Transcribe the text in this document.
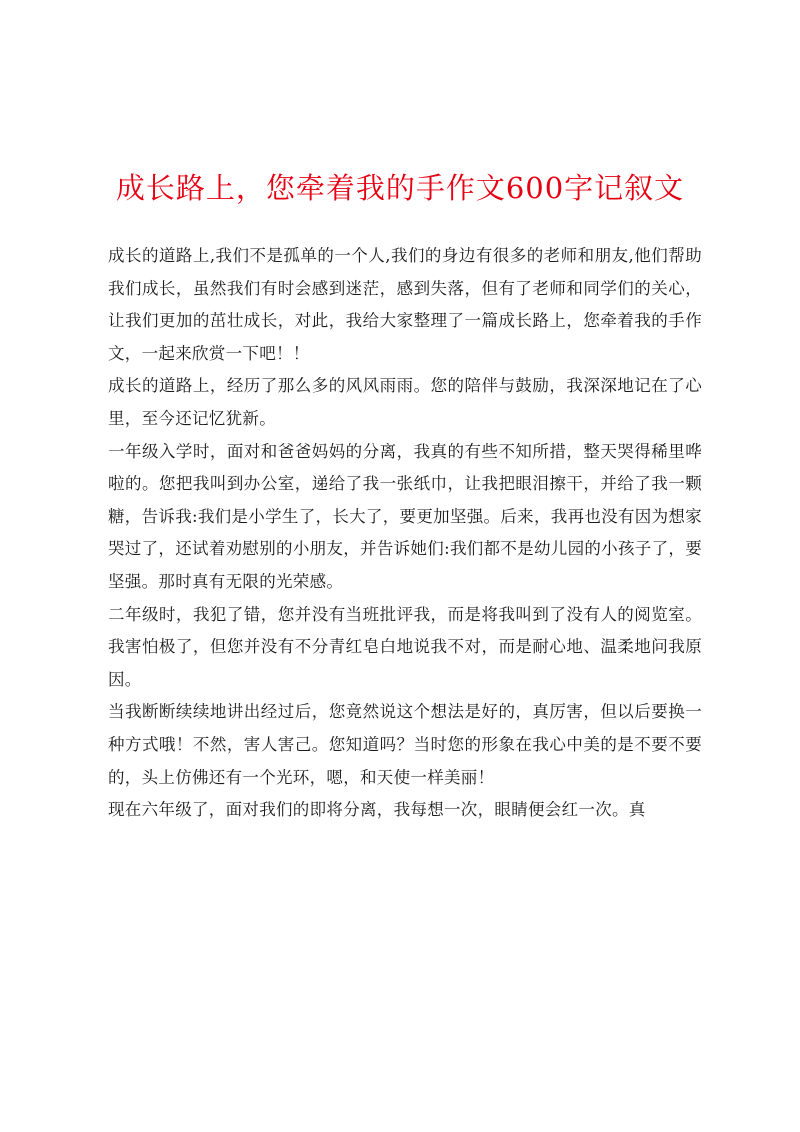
成长路上，您牵着我的手作文600字记叙文

成长的道路上,我们不是孤单的一个人,我们的身边有很多的老师和朋友,他们帮助我们成长，虽然我们有时会感到迷茫，感到失落，但有了老师和同学们的关心，让我们更加的茁壮成长，对此，我给大家整理了一篇成长路上，您牵着我的手作文，一起来欣赏一下吧！！

成长的道路上，经历了那么多的风风雨雨。您的陪伴与鼓励，我深深地记在了心里，至今还记忆犹新。

一年级入学时，面对和爸爸妈妈的分离，我真的有些不知所措，整天哭得稀里哗啦的。您把我叫到办公室，递给了我一张纸巾，让我把眼泪擦干，并给了我一颗糖，告诉我:我们是小学生了，长大了，要更加坚强。后来，我再也没有因为想家哭过了，还试着劝慰别的小朋友，并告诉她们:我们都不是幼儿园的小孩子了，要坚强。那时真有无限的光荣感。

二年级时，我犯了错，您并没有当班批评我，而是将我叫到了没有人的阅览室。我害怕极了，但您并没有不分青红皂白地说我不对，而是耐心地、温柔地问我原因。

当我断断续续地讲出经过后，您竟然说这个想法是好的，真厉害，但以后要换一种方式哦！不然，害人害己。您知道吗？当时您的形象在我心中美的是不要不要的，头上仿佛还有一个光环，嗯，和天使一样美丽！

现在六年级了，面对我们的即将分离，我每想一次，眼睛便会红一次。真
